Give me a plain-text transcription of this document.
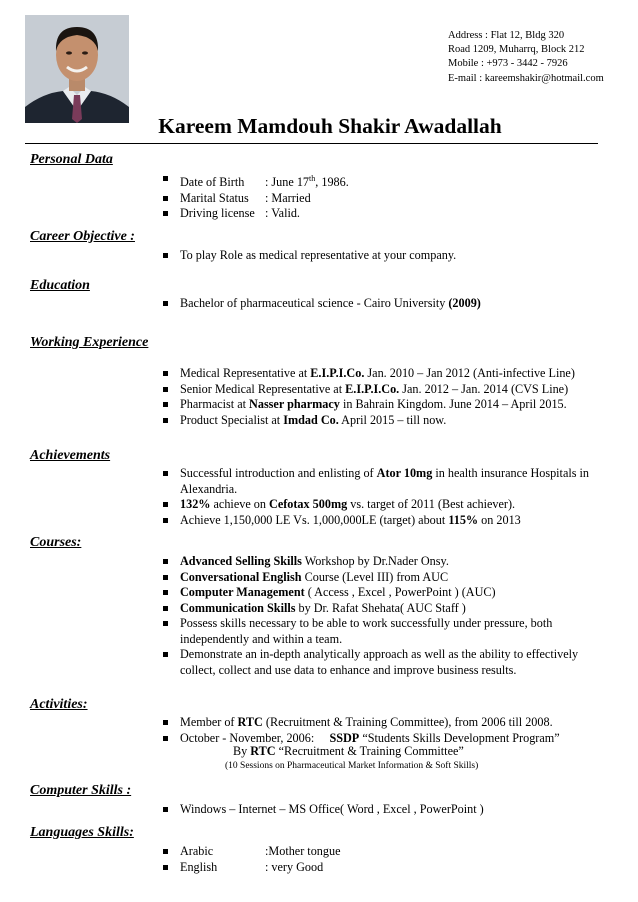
Address : Flat 12, Bldg 320
Road 1209, Muharrq, Block 212
Mobile : +973 - 3442 - 7926
E-mail : kareemshakir@hotmail.com
Kareem Mamdouh Shakir Awadallah
Personal Data
Date of Birth : June 17th, 1986.
Marital Status : Married
Driving license : Valid.
Career Objective :
To play Role as medical representative at your company.
Education
Bachelor of pharmaceutical science - Cairo University (2009)
Working Experience
Medical Representative at E.I.P.I.Co. Jan. 2010 – Jan 2012 (Anti-infective Line)
Senior Medical Representative at E.I.P.I.Co. Jan. 2012 – Jan. 2014 (CVS Line)
Pharmacist at Nasser pharmacy in Bahrain Kingdom. June 2014 – April 2015.
Product Specialist at Imdad Co. April 2015 – till now.
Achievements
Successful introduction and enlisting of Ator 10mg in health insurance Hospitals in Alexandria.
132% achieve on Cefotax 500mg vs. target of 2011 (Best achiever).
Achieve 1,150,000 LE Vs. 1,000,000LE (target) about 115% on 2013
Courses:
Advanced Selling Skills Workshop by Dr.Nader Onsy.
Conversational English Course (Level III) from AUC
Computer Management ( Access , Excel , PowerPoint ) (AUC)
Communication Skills by Dr. Rafat Shehata( AUC Staff )
Possess skills necessary to be able to work successfully under pressure, both independently and within a team.
Demonstrate an in-depth analytically approach as well as the ability to effectively collect, collect and use data to enhance and improve business results.
Activities:
Member of RTC (Recruitment & Training Committee), from 2006 till 2008.
October - November, 2006:     SSDP “Students Skills Development Program”
By RTC “Recruitment & Training Committee”
(10 Sessions on Pharmaceutical Market Information & Soft Skills)
Computer Skills :
Windows – Internet – MS Office( Word , Excel , PowerPoint )
Languages Skills:
Arabic	:Mother tongue
English	: very Good
